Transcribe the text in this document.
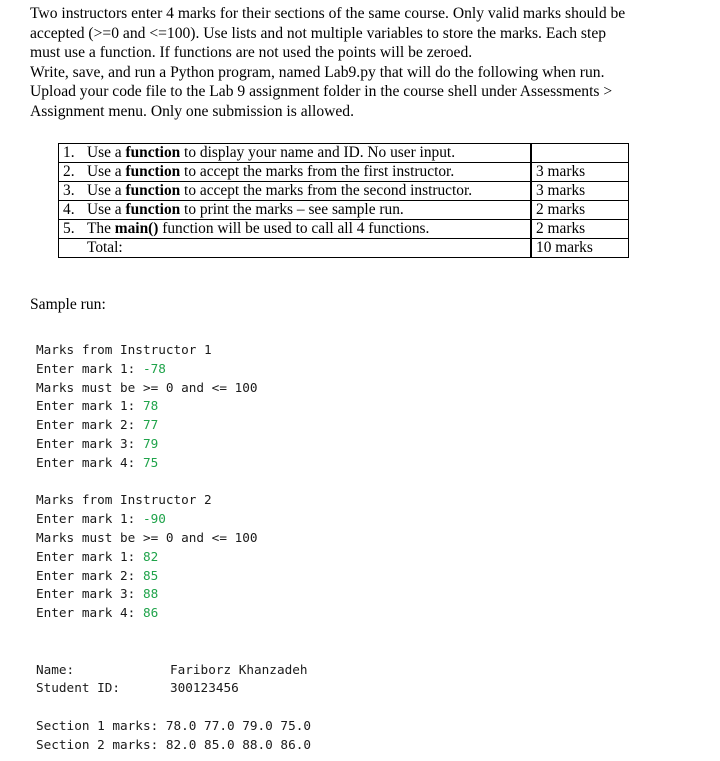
Two instructors enter 4 marks for their sections of the same course. Only valid marks should be

accepted (>=0 and <=100). Use lists and not multiple variables to store the marks. Each step

must use a function. If functions are not used the points will be zeroed.

Write, save, and run a Python program, named Lab9.py that will do the following when run.

Upload your code file to the Lab 9 assignment folder in the course shell under Assessments >

Assignment menu. Only one submission is allowed.

1. Use a function to display your name and ID. No user input.	
2. Use a function to accept the marks from the first instructor.	3 marks
3. Use a function to accept the marks from the second instructor.	3 marks
4. Use a function to print the marks – see sample run.	2 marks
5. The main() function will be used to call all 4 functions.	2 marks
Total:	10 marks
Sample run:
Marks from Instructor 1
Enter mark 1: -78
Marks must be >= 0 and <= 100
Enter mark 1: 78
Enter mark 2: 77
Enter mark 3: 79
Enter mark 4: 75
Marks from Instructor 2
Enter mark 1: -90
Marks must be >= 0 and <= 100
Enter mark 1: 82
Enter mark 2: 85
Enter mark 3: 88
Enter mark 4: 86
Name:	Fariborz Khanzadeh
Student ID:	300123456
Section 1 marks: 78.0 77.0 79.0 75.0
Section 2 marks: 82.0 85.0 88.0 86.0
